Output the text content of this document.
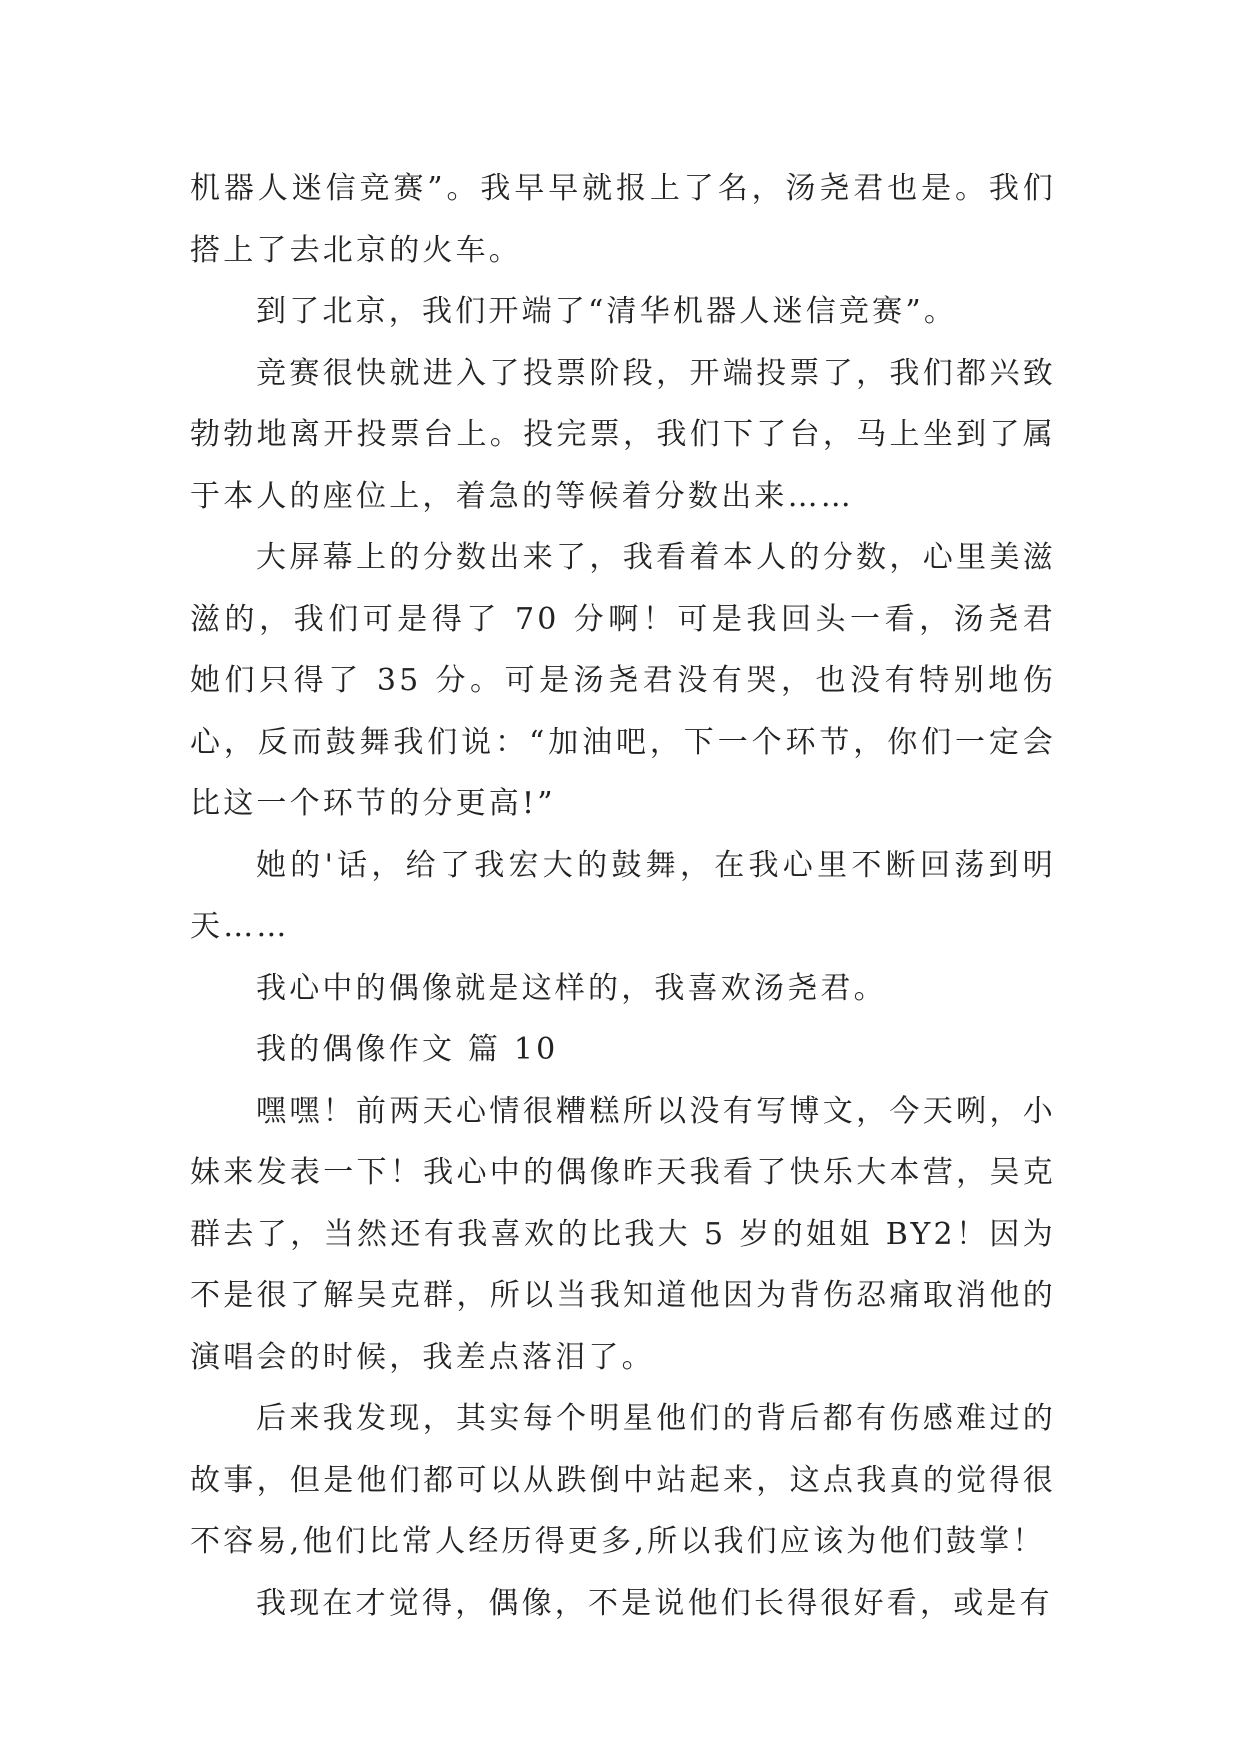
机器人迷信竞赛”。我早早就报上了名，汤尧君也是。我们搭上了去北京的火车。

到了北京，我们开端了“清华机器人迷信竞赛”。

竞赛很快就进入了投票阶段，开端投票了，我们都兴致勃勃地离开投票台上。投完票，我们下了台，马上坐到了属于本人的座位上，着急的等候着分数出来……

大屏幕上的分数出来了，我看着本人的分数，心里美滋滋的，我们可是得了 70 分啊！可是我回头一看，汤尧君她们只得了 35 分。可是汤尧君没有哭，也没有特别地伤心，反而鼓舞我们说：“加油吧，下一个环节，你们一定会比这一个环节的分更高!”

她的'话，给了我宏大的鼓舞，在我心里不断回荡到明天……

我心中的偶像就是这样的，我喜欢汤尧君。

我的偶像作文 篇 10

嘿嘿！前两天心情很糟糕所以没有写博文，今天咧，小妹来发表一下！我心中的偶像昨天我看了快乐大本营，吴克群去了，当然还有我喜欢的比我大 5 岁的姐姐 BY2！因为不是很了解吴克群，所以当我知道他因为背伤忍痛取消他的演唱会的时候，我差点落泪了。

后来我发现，其实每个明星他们的背后都有伤感难过的故事，但是他们都可以从跌倒中站起来，这点我真的觉得很不容易,他们比常人经历得更多,所以我们应该为他们鼓掌！

我现在才觉得，偶像，不是说他们长得很好看，或是有
